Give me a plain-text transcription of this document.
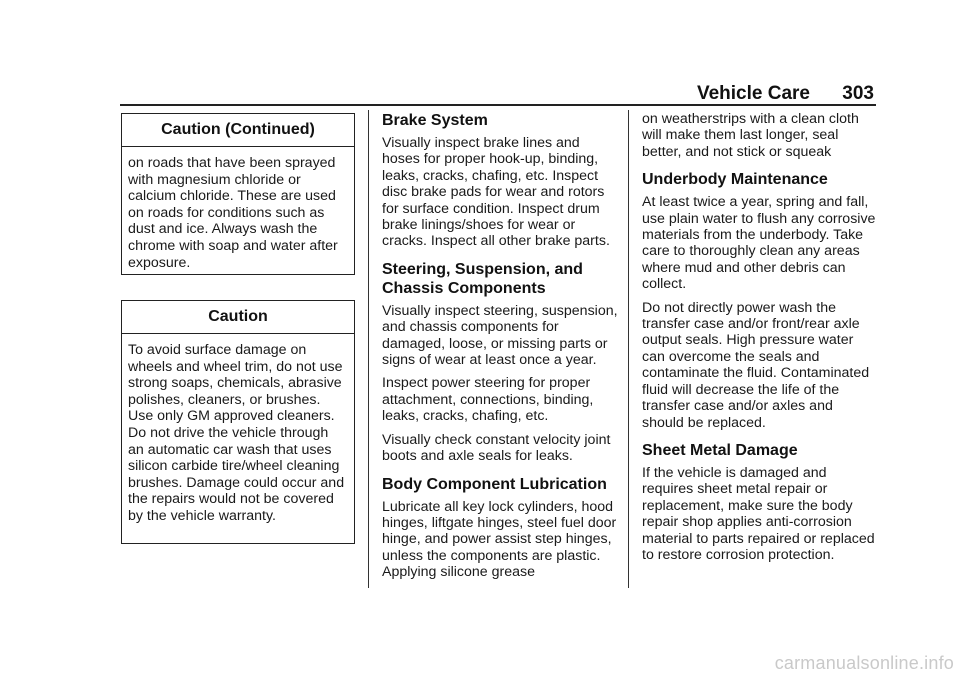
Vehicle Care 303
Caution (Continued)
on roads that have been sprayed with magnesium chloride or calcium chloride. These are used on roads for conditions such as dust and ice. Always wash the chrome with soap and water after exposure.
Caution
To avoid surface damage on wheels and wheel trim, do not use strong soaps, chemicals, abrasive polishes, cleaners, or brushes. Use only GM approved cleaners. Do not drive the vehicle through an automatic car wash that uses silicon carbide tire/wheel cleaning brushes. Damage could occur and the repairs would not be covered by the vehicle warranty.
Brake System

Visually inspect brake lines and hoses for proper hook-up, binding, leaks, cracks, chafing, etc. Inspect disc brake pads for wear and rotors for surface condition. Inspect drum brake linings/shoes for wear or cracks. Inspect all other brake parts.

Steering, Suspension, and Chassis Components

Visually inspect steering, suspension, and chassis components for damaged, loose, or missing parts or signs of wear at least once a year.

Inspect power steering for proper attachment, connections, binding, leaks, cracks, chafing, etc.

Visually check constant velocity joint boots and axle seals for leaks.

Body Component Lubrication

Lubricate all key lock cylinders, hood hinges, liftgate hinges, steel fuel door hinge, and power assist step hinges, unless the components are plastic. Applying silicone grease

on weatherstrips with a clean cloth will make them last longer, seal better, and not stick or squeak

Underbody Maintenance

At least twice a year, spring and fall, use plain water to flush any corrosive materials from the underbody. Take care to thoroughly clean any areas where mud and other debris can collect.

Do not directly power wash the transfer case and/or front/rear axle output seals. High pressure water can overcome the seals and contaminate the fluid. Contaminated fluid will decrease the life of the transfer case and/or axles and should be replaced.

Sheet Metal Damage

If the vehicle is damaged and requires sheet metal repair or replacement, make sure the body repair shop applies anti-corrosion material to parts repaired or replaced to restore corrosion protection.

carmanualsonline.info
